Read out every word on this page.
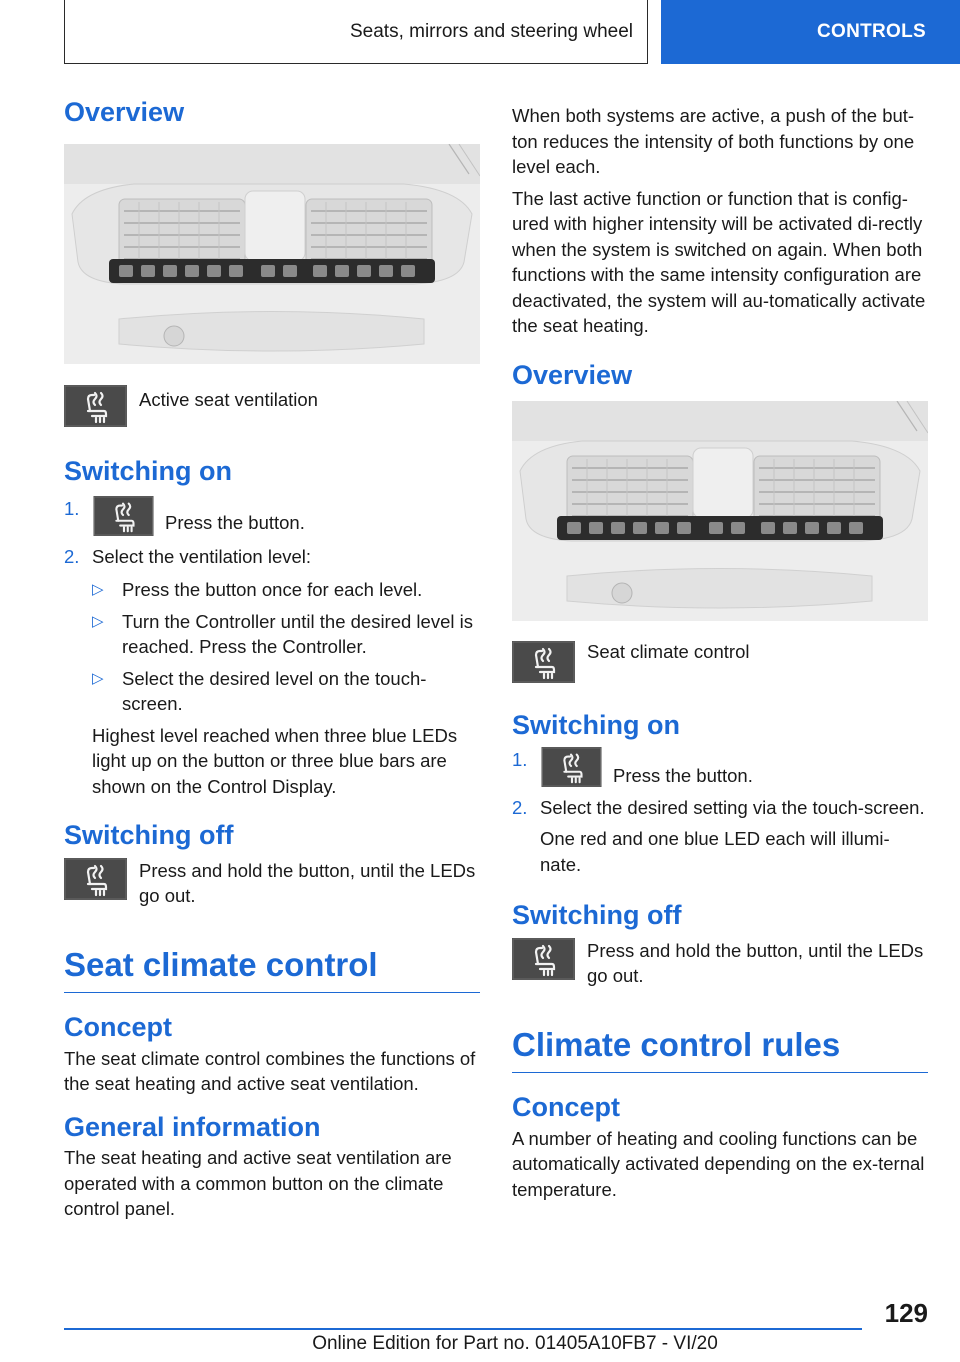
Seats, mirrors and steering wheel	CONTROLS
Overview

Active seat ventilation

Switching on
1.
Press the button.
2. Select the ventilation level:
▷ Press the button once for each level.
▷ Turn the Controller until the desired level is reached. Press the Controller.
▷ Select the desired level on the touch-screen.

Highest level reached when three blue LEDs light up on the button or three blue bars are shown on the Control Display.

Switching off

Press and hold the button, until the LEDs go out.

Seat climate control
Concept

The seat climate control combines the functions of the seat heating and active seat ventilation.

General information

The seat heating and active seat ventilation are operated with a common button on the climate control panel.

When both systems are active, a push of the but-ton reduces the intensity of both functions by one level each.

The last active function or function that is config-ured with higher intensity will be activated di-rectly when the system is switched on again. When both functions with the same intensity configuration are deactivated, the system will au-tomatically activate the seat heating.

Overview

Seat climate control

Switching on
1.
Press the button.
2. Select the desired setting via the touch-screen.

One red and one blue LED each will illumi-nate.

Switching off

Press and hold the button, until the LEDs go out.

Climate control rules
Concept

A number of heating and cooling functions can be automatically activated depending on the ex-ternal temperature.

129
Online Edition for Part no. 01405A10FB7 - VI/20
